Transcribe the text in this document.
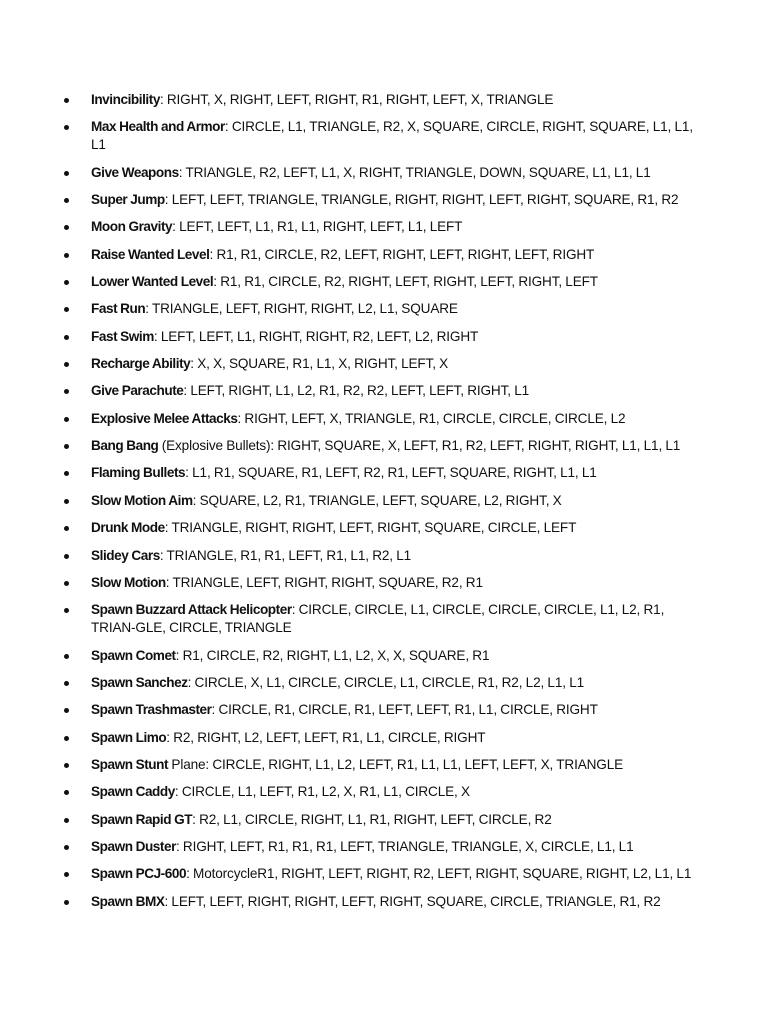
Invincibility: RIGHT, X, RIGHT, LEFT, RIGHT, R1, RIGHT, LEFT, X, TRIANGLE
Max Health and Armor: CIRCLE, L1, TRIANGLE, R2, X, SQUARE, CIRCLE, RIGHT, SQUARE, L1, L1, L1
Give Weapons: TRIANGLE, R2, LEFT, L1, X, RIGHT, TRIANGLE, DOWN, SQUARE, L1, L1, L1
Super Jump: LEFT, LEFT, TRIANGLE, TRIANGLE, RIGHT, RIGHT, LEFT, RIGHT, SQUARE, R1, R2
Moon Gravity: LEFT, LEFT, L1, R1, L1, RIGHT, LEFT, L1, LEFT
Raise Wanted Level: R1, R1, CIRCLE, R2, LEFT, RIGHT, LEFT, RIGHT, LEFT, RIGHT
Lower Wanted Level: R1, R1, CIRCLE, R2, RIGHT, LEFT, RIGHT, LEFT, RIGHT, LEFT
Fast Run: TRIANGLE, LEFT, RIGHT, RIGHT, L2, L1, SQUARE
Fast Swim: LEFT, LEFT, L1, RIGHT, RIGHT, R2, LEFT, L2, RIGHT
Recharge Ability: X, X, SQUARE, R1, L1, X, RIGHT, LEFT, X
Give Parachute: LEFT, RIGHT, L1, L2, R1, R2, R2, LEFT, LEFT, RIGHT, L1
Explosive Melee Attacks: RIGHT, LEFT, X, TRIANGLE, R1, CIRCLE, CIRCLE, CIRCLE, L2
Bang Bang (Explosive Bullets): RIGHT, SQUARE, X, LEFT, R1, R2, LEFT, RIGHT, RIGHT, L1, L1, L1
Flaming Bullets: L1, R1, SQUARE, R1, LEFT, R2, R1, LEFT, SQUARE, RIGHT, L1, L1
Slow Motion Aim: SQUARE, L2, R1, TRIANGLE, LEFT, SQUARE, L2, RIGHT, X
Drunk Mode: TRIANGLE, RIGHT, RIGHT, LEFT, RIGHT, SQUARE, CIRCLE, LEFT
Slidey Cars: TRIANGLE, R1, R1, LEFT, R1, L1, R2, L1
Slow Motion: TRIANGLE, LEFT, RIGHT, RIGHT, SQUARE, R2, R1
Spawn Buzzard Attack Helicopter: CIRCLE, CIRCLE, L1, CIRCLE, CIRCLE, CIRCLE, L1, L2, R1, TRIAN-GLE, CIRCLE, TRIANGLE
Spawn Comet: R1, CIRCLE, R2, RIGHT, L1, L2, X, X, SQUARE, R1
Spawn Sanchez: CIRCLE, X, L1, CIRCLE, CIRCLE, L1, CIRCLE, R1, R2, L2, L1, L1
Spawn Trashmaster: CIRCLE, R1, CIRCLE, R1, LEFT, LEFT, R1, L1, CIRCLE, RIGHT
Spawn Limo: R2, RIGHT, L2, LEFT, LEFT, R1, L1, CIRCLE, RIGHT
Spawn Stunt Plane: CIRCLE, RIGHT, L1, L2, LEFT, R1, L1, L1, LEFT, LEFT, X, TRIANGLE
Spawn Caddy: CIRCLE, L1, LEFT, R1, L2, X, R1, L1, CIRCLE, X
Spawn Rapid GT: R2, L1, CIRCLE, RIGHT, L1, R1, RIGHT, LEFT, CIRCLE, R2
Spawn Duster: RIGHT, LEFT, R1, R1, R1, LEFT, TRIANGLE, TRIANGLE, X, CIRCLE, L1, L1
Spawn PCJ-600: MotorcycleR1, RIGHT, LEFT, RIGHT, R2, LEFT, RIGHT, SQUARE, RIGHT, L2, L1, L1
Spawn BMX: LEFT, LEFT, RIGHT, RIGHT, LEFT, RIGHT, SQUARE, CIRCLE, TRIANGLE, R1, R2
